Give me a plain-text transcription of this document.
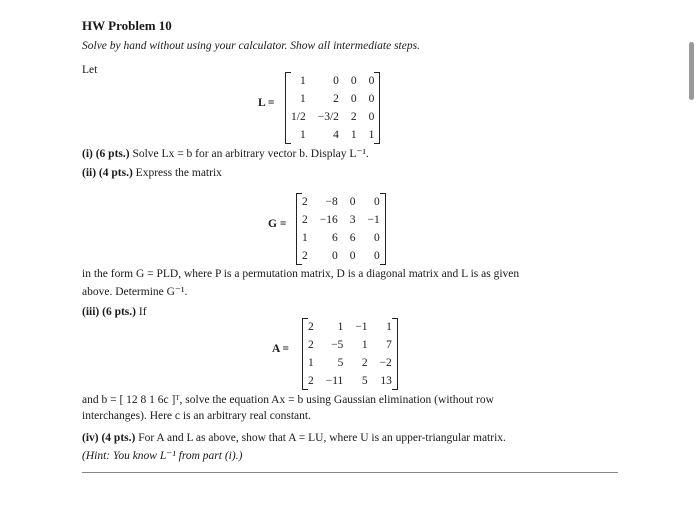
HW Problem 10
Solve by hand without using your calculator. Show all intermediate steps.
Let
L =
1	0	0	0
1	2	0	0
1/2	−3/2	2	0
1	4	1	1
(i) (6 pts.) Solve Lx = b for an arbitrary vector b. Display L⁻¹.
(ii) (4 pts.) Express the matrix
G =
2	−8	0	0
2	−16	3	−1
1	6	6	0
2	0	0	0
in the form G = PLD, where P is a permutation matrix, D is a diagonal matrix and L is as given
above. Determine G⁻¹.
(iii) (6 pts.) If
A =
2	1	−1	1
2	−5	1	7
1	5	2	−2
2	−11	5	13
and b = [ 12 8 1 6c ]ᵀ, solve the equation Ax = b using Gaussian elimination (without row
interchanges). Here c is an arbitrary real constant.
(iv) (4 pts.) For A and L as above, show that A = LU, where U is an upper-triangular matrix.
(Hint: You know L⁻¹ from part (i).)
